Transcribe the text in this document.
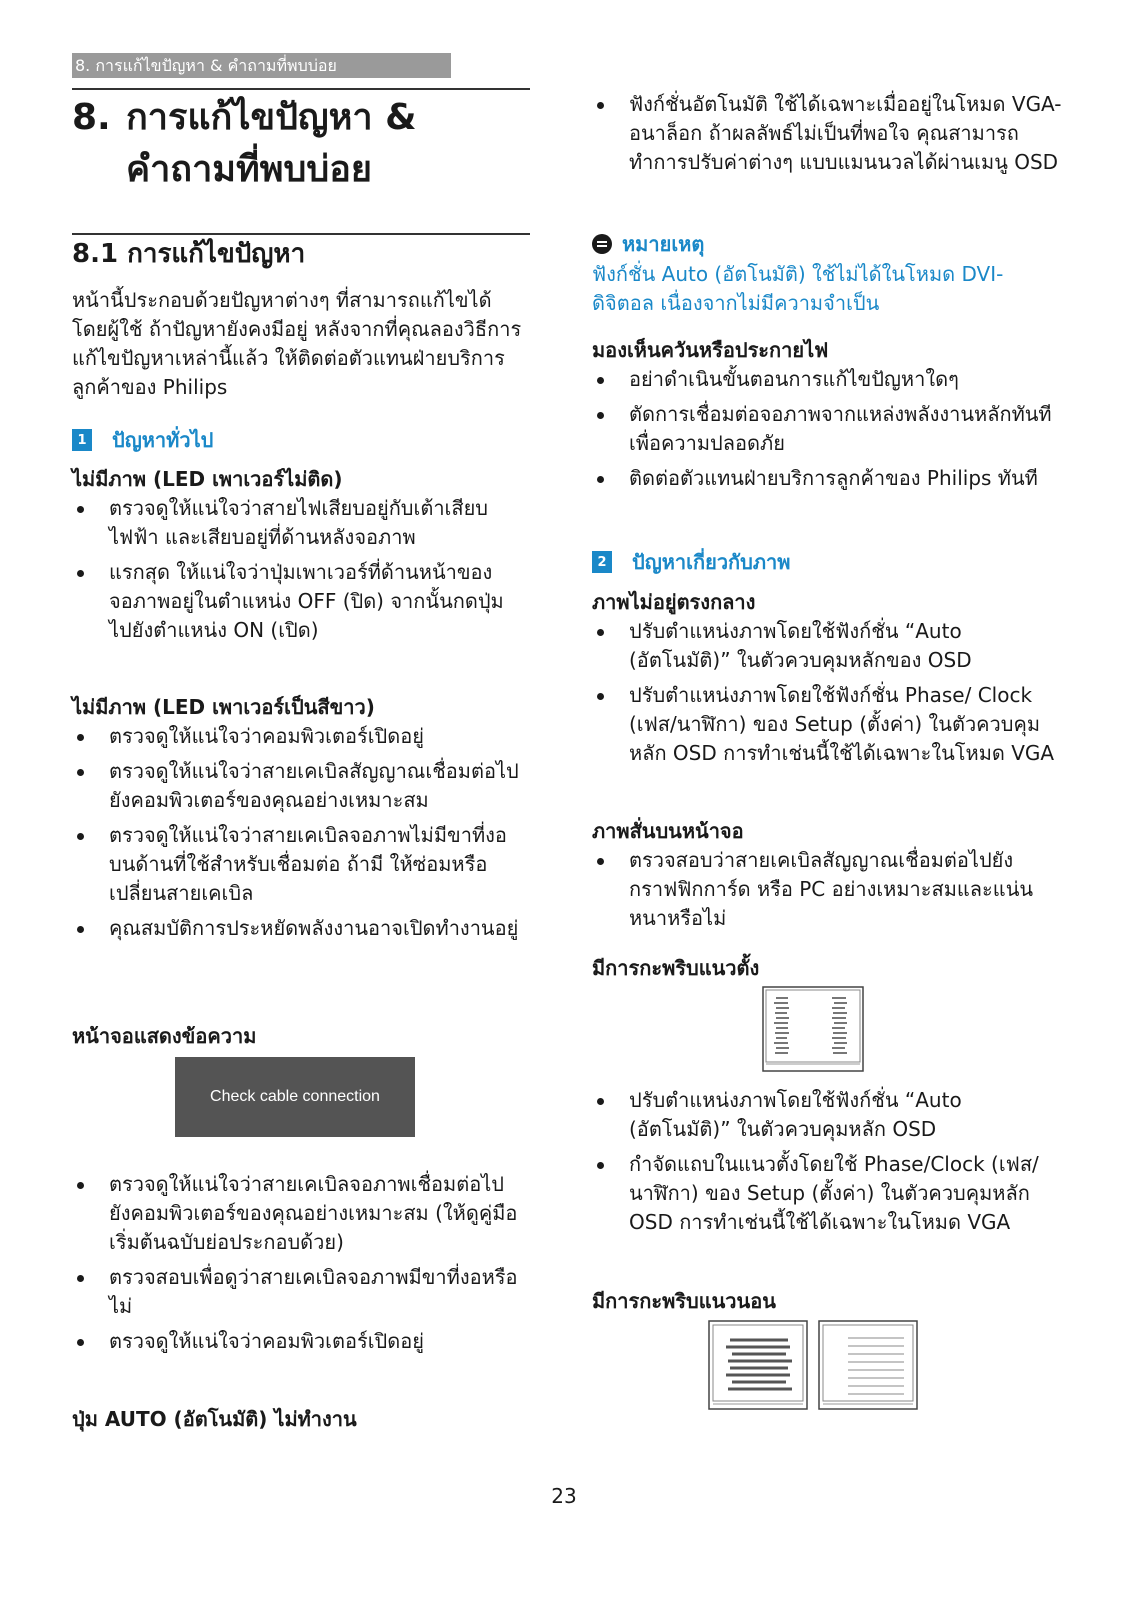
8. การแก้ไขปัญหา & คำถามที่พบบ่อย
8. การแก้ไขปัญหา &
คำถามที่พบบ่อย
8.1 การแก้ไขปัญหา

หน้านี้ประกอบด้วยปัญหาต่างๆ ที่สามารถแก้ไขได้โดยผู้ใช้ ถ้าปัญหายังคงมีอยู่ หลังจากที่คุณลองวิธีการแก้ไขปัญหาเหล่านี้แล้ว ให้ติดต่อตัวแทนฝ่ายบริการลูกค้าของ Philips

1 ปัญหาทั่วไป

ไม่มีภาพ (LED เพาเวอร์ไม่ติด)

ตรวจดูให้แน่ใจว่าสายไฟเสียบอยู่กับเต้าเสียบไฟฟ้า และเสียบอยู่ที่ด้านหลังจอภาพ
แรกสุด ให้แน่ใจว่าปุ่มเพาเวอร์ที่ด้านหน้าของจอภาพอยู่ในตำแหน่ง OFF (ปิด) จากนั้นกดปุ่มไปยังตำแหน่ง ON (เปิด)

ไม่มีภาพ (LED เพาเวอร์เป็นสีขาว)

ตรวจดูให้แน่ใจว่าคอมพิวเตอร์เปิดอยู่
ตรวจดูให้แน่ใจว่าสายเคเบิลสัญญาณเชื่อมต่อไปยังคอมพิวเตอร์ของคุณอย่างเหมาะสม
ตรวจดูให้แน่ใจว่าสายเคเบิลจอภาพไม่มีขาที่งอบนด้านที่ใช้สำหรับเชื่อมต่อ ถ้ามี ให้ซ่อมหรือเปลี่ยนสายเคเบิล
คุณสมบัติการประหยัดพลังงานอาจเปิดทำงานอยู่

หน้าจอแสดงข้อความ

Check cable connection
ตรวจดูให้แน่ใจว่าสายเคเบิลจอภาพเชื่อมต่อไปยังคอมพิวเตอร์ของคุณอย่างเหมาะสม (ให้ดูคู่มือเริ่มต้นฉบับย่อประกอบด้วย)
ตรวจสอบเพื่อดูว่าสายเคเบิลจอภาพมีขาที่งอหรือไม่
ตรวจดูให้แน่ใจว่าคอมพิวเตอร์เปิดอยู่

ปุ่ม AUTO (อัตโนมัติ) ไม่ทำงาน

ฟังก์ชั่นอัตโนมัติ ใช้ได้เฉพาะเมื่ออยู่ในโหมด VGA- อนาล็อก ถ้าผลลัพธ์ไม่เป็นที่พอใจ คุณสามารถทำการปรับค่าต่างๆ แบบแมนนวลได้ผ่านเมนู OSD
หมายเหตุ

ฟังก์ชั่น Auto (อัตโนมัติ) ใช้ไม่ได้ในโหมด DVI-ดิจิตอล เนื่องจากไม่มีความจำเป็น

มองเห็นควันหรือประกายไฟ

อย่าดำเนินขั้นตอนการแก้ไขปัญหาใดๆ
ตัดการเชื่อมต่อจอภาพจากแหล่งพลังงานหลักทันที เพื่อความปลอดภัย
ติดต่อตัวแทนฝ่ายบริการลูกค้าของ Philips ทันที
2 ปัญหาเกี่ยวกับภาพ

ภาพไม่อยู่ตรงกลาง

ปรับตำแหน่งภาพโดยใช้ฟังก์ชั่น “Auto (อัตโนมัติ)” ในตัวควบคุมหลักของ OSD
ปรับตำแหน่งภาพโดยใช้ฟังก์ชั่น Phase/ Clock (เฟส/นาฬิกา) ของ Setup (ตั้งค่า) ในตัวควบคุมหลัก OSD การทำเช่นนี้ใช้ได้เฉพาะในโหมด VGA

ภาพสั่นบนหน้าจอ

ตรวจสอบว่าสายเคเบิลสัญญาณเชื่อมต่อไปยังกราฟฟิกการ์ด หรือ PC อย่างเหมาะสมและแน่นหนาหรือไม่

มีการกะพริบแนวตั้ง

ปรับตำแหน่งภาพโดยใช้ฟังก์ชั่น “Auto (อัตโนมัติ)” ในตัวควบคุมหลัก OSD
กำจัดแถบในแนวตั้งโดยใช้ Phase/Clock (เฟส/นาฬิกา) ของ Setup (ตั้งค่า) ในตัวควบคุมหลัก OSD การทำเช่นนี้ใช้ได้เฉพาะในโหมด VGA

มีการกะพริบแนวนอน

23
